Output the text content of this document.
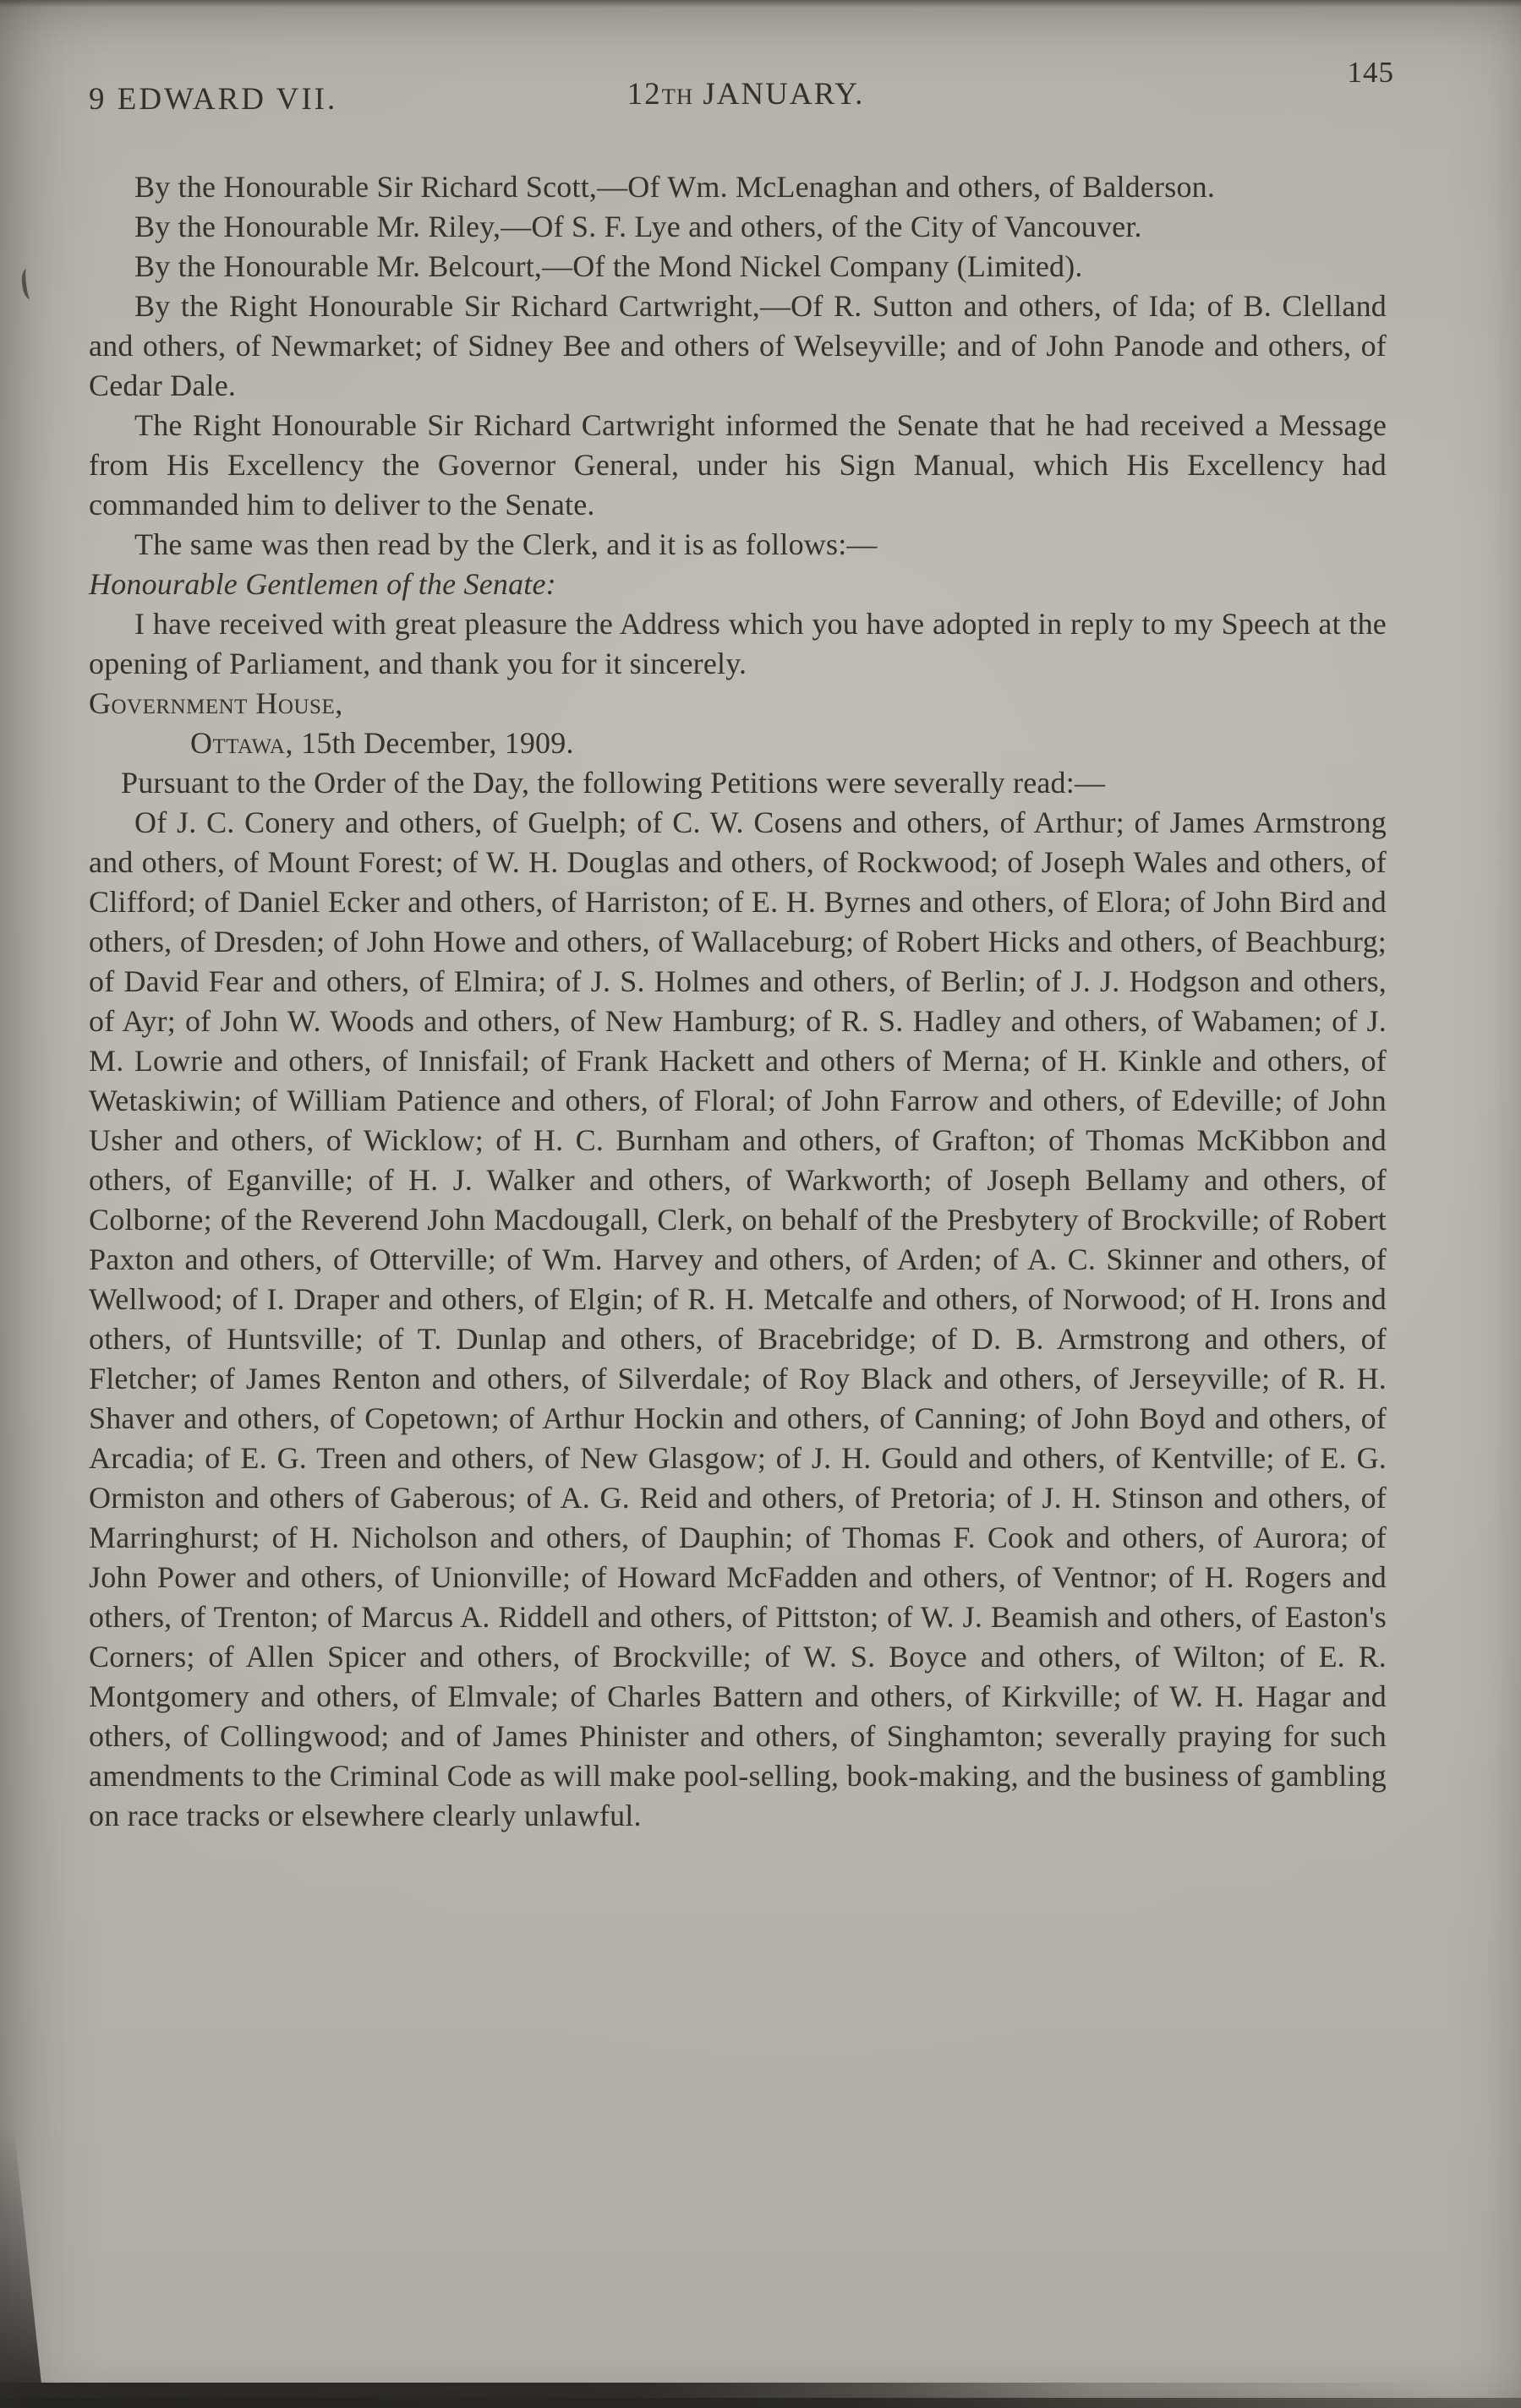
9 EDWARD VII.	12TH JANUARY.
145

By the Honourable Sir Richard Scott,—Of Wm. McLenaghan and others, of Balderson.

By the Honourable Mr. Riley,—Of S. F. Lye and others, of the City of Vancouver.

By the Honourable Mr. Belcourt,—Of the Mond Nickel Company (Limited).

By the Right Honourable Sir Richard Cartwright,—Of R. Sutton and others, of Ida; of B. Clelland and others, of Newmarket; of Sidney Bee and others of Welseyville; and of John Panode and others, of Cedar Dale.

The Right Honourable Sir Richard Cartwright informed the Senate that he had received a Message from His Excellency the Governor General, under his Sign Manual, which His Excellency had commanded him to deliver to the Senate.

The same was then read by the Clerk, and it is as follows:—

Honourable Gentlemen of the Senate:

I have received with great pleasure the Address which you have adopted in reply to my Speech at the opening of Parliament, and thank you for it sincerely.

Government House,

Ottawa, 15th December, 1909.

Pursuant to the Order of the Day, the following Petitions were severally read:—

Of J. C. Conery and others, of Guelph; of C. W. Cosens and others, of Arthur; of James Armstrong and others, of Mount Forest; of W. H. Douglas and others, of Rockwood; of Joseph Wales and others, of Clifford; of Daniel Ecker and others, of Harriston; of E. H. Byrnes and others, of Elora; of John Bird and others, of Dresden; of John Howe and others, of Wallaceburg; of Robert Hicks and others, of Beachburg; of David Fear and others, of Elmira; of J. S. Holmes and others, of Berlin; of J. J. Hodgson and others, of Ayr; of John W. Woods and others, of New Hamburg; of R. S. Hadley and others, of Wabamen; of J. M. Lowrie and others, of Innisfail; of Frank Hackett and others of Merna; of H. Kinkle and others, of Wetaskiwin; of William Patience and others, of Floral; of John Farrow and others, of Edeville; of John Usher and others, of Wicklow; of H. C. Burnham and others, of Grafton; of Thomas McKibbon and others, of Eganville; of H. J. Walker and others, of Warkworth; of Joseph Bellamy and others, of Colborne; of the Reverend John Macdougall, Clerk, on behalf of the Presbytery of Brockville; of Robert Paxton and others, of Otterville; of Wm. Harvey and others, of Arden; of A. C. Skinner and others, of Wellwood; of I. Draper and others, of Elgin; of R. H. Metcalfe and others, of Norwood; of H. Irons and others, of Huntsville; of T. Dunlap and others, of Bracebridge; of D. B. Armstrong and others, of Fletcher; of James Renton and others, of Silverdale; of Roy Black and others, of Jerseyville; of R. H. Shaver and others, of Copetown; of Arthur Hockin and others, of Canning; of John Boyd and others, of Arcadia; of E. G. Treen and others, of New Glasgow; of J. H. Gould and others, of Kentville; of E. G. Ormiston and others of Gaberous; of A. G. Reid and others, of Pretoria; of J. H. Stinson and others, of Marringhurst; of H. Nicholson and others, of Dauphin; of Thomas F. Cook and others, of Aurora; of John Power and others, of Unionville; of Howard McFadden and others, of Ventnor; of H. Rogers and others, of Trenton; of Marcus A. Riddell and others, of Pittston; of W. J. Beamish and others, of Easton's Corners; of Allen Spicer and others, of Brockville; of W. S. Boyce and others, of Wilton; of E. R. Montgomery and others, of Elmvale; of Charles Battern and others, of Kirkville; of W. H. Hagar and others, of Collingwood; and of James Phinister and others, of Singhamton; severally praying for such amendments to the Criminal Code as will make pool-selling, book-making, and the business of gambling on race tracks or elsewhere clearly unlawful.
